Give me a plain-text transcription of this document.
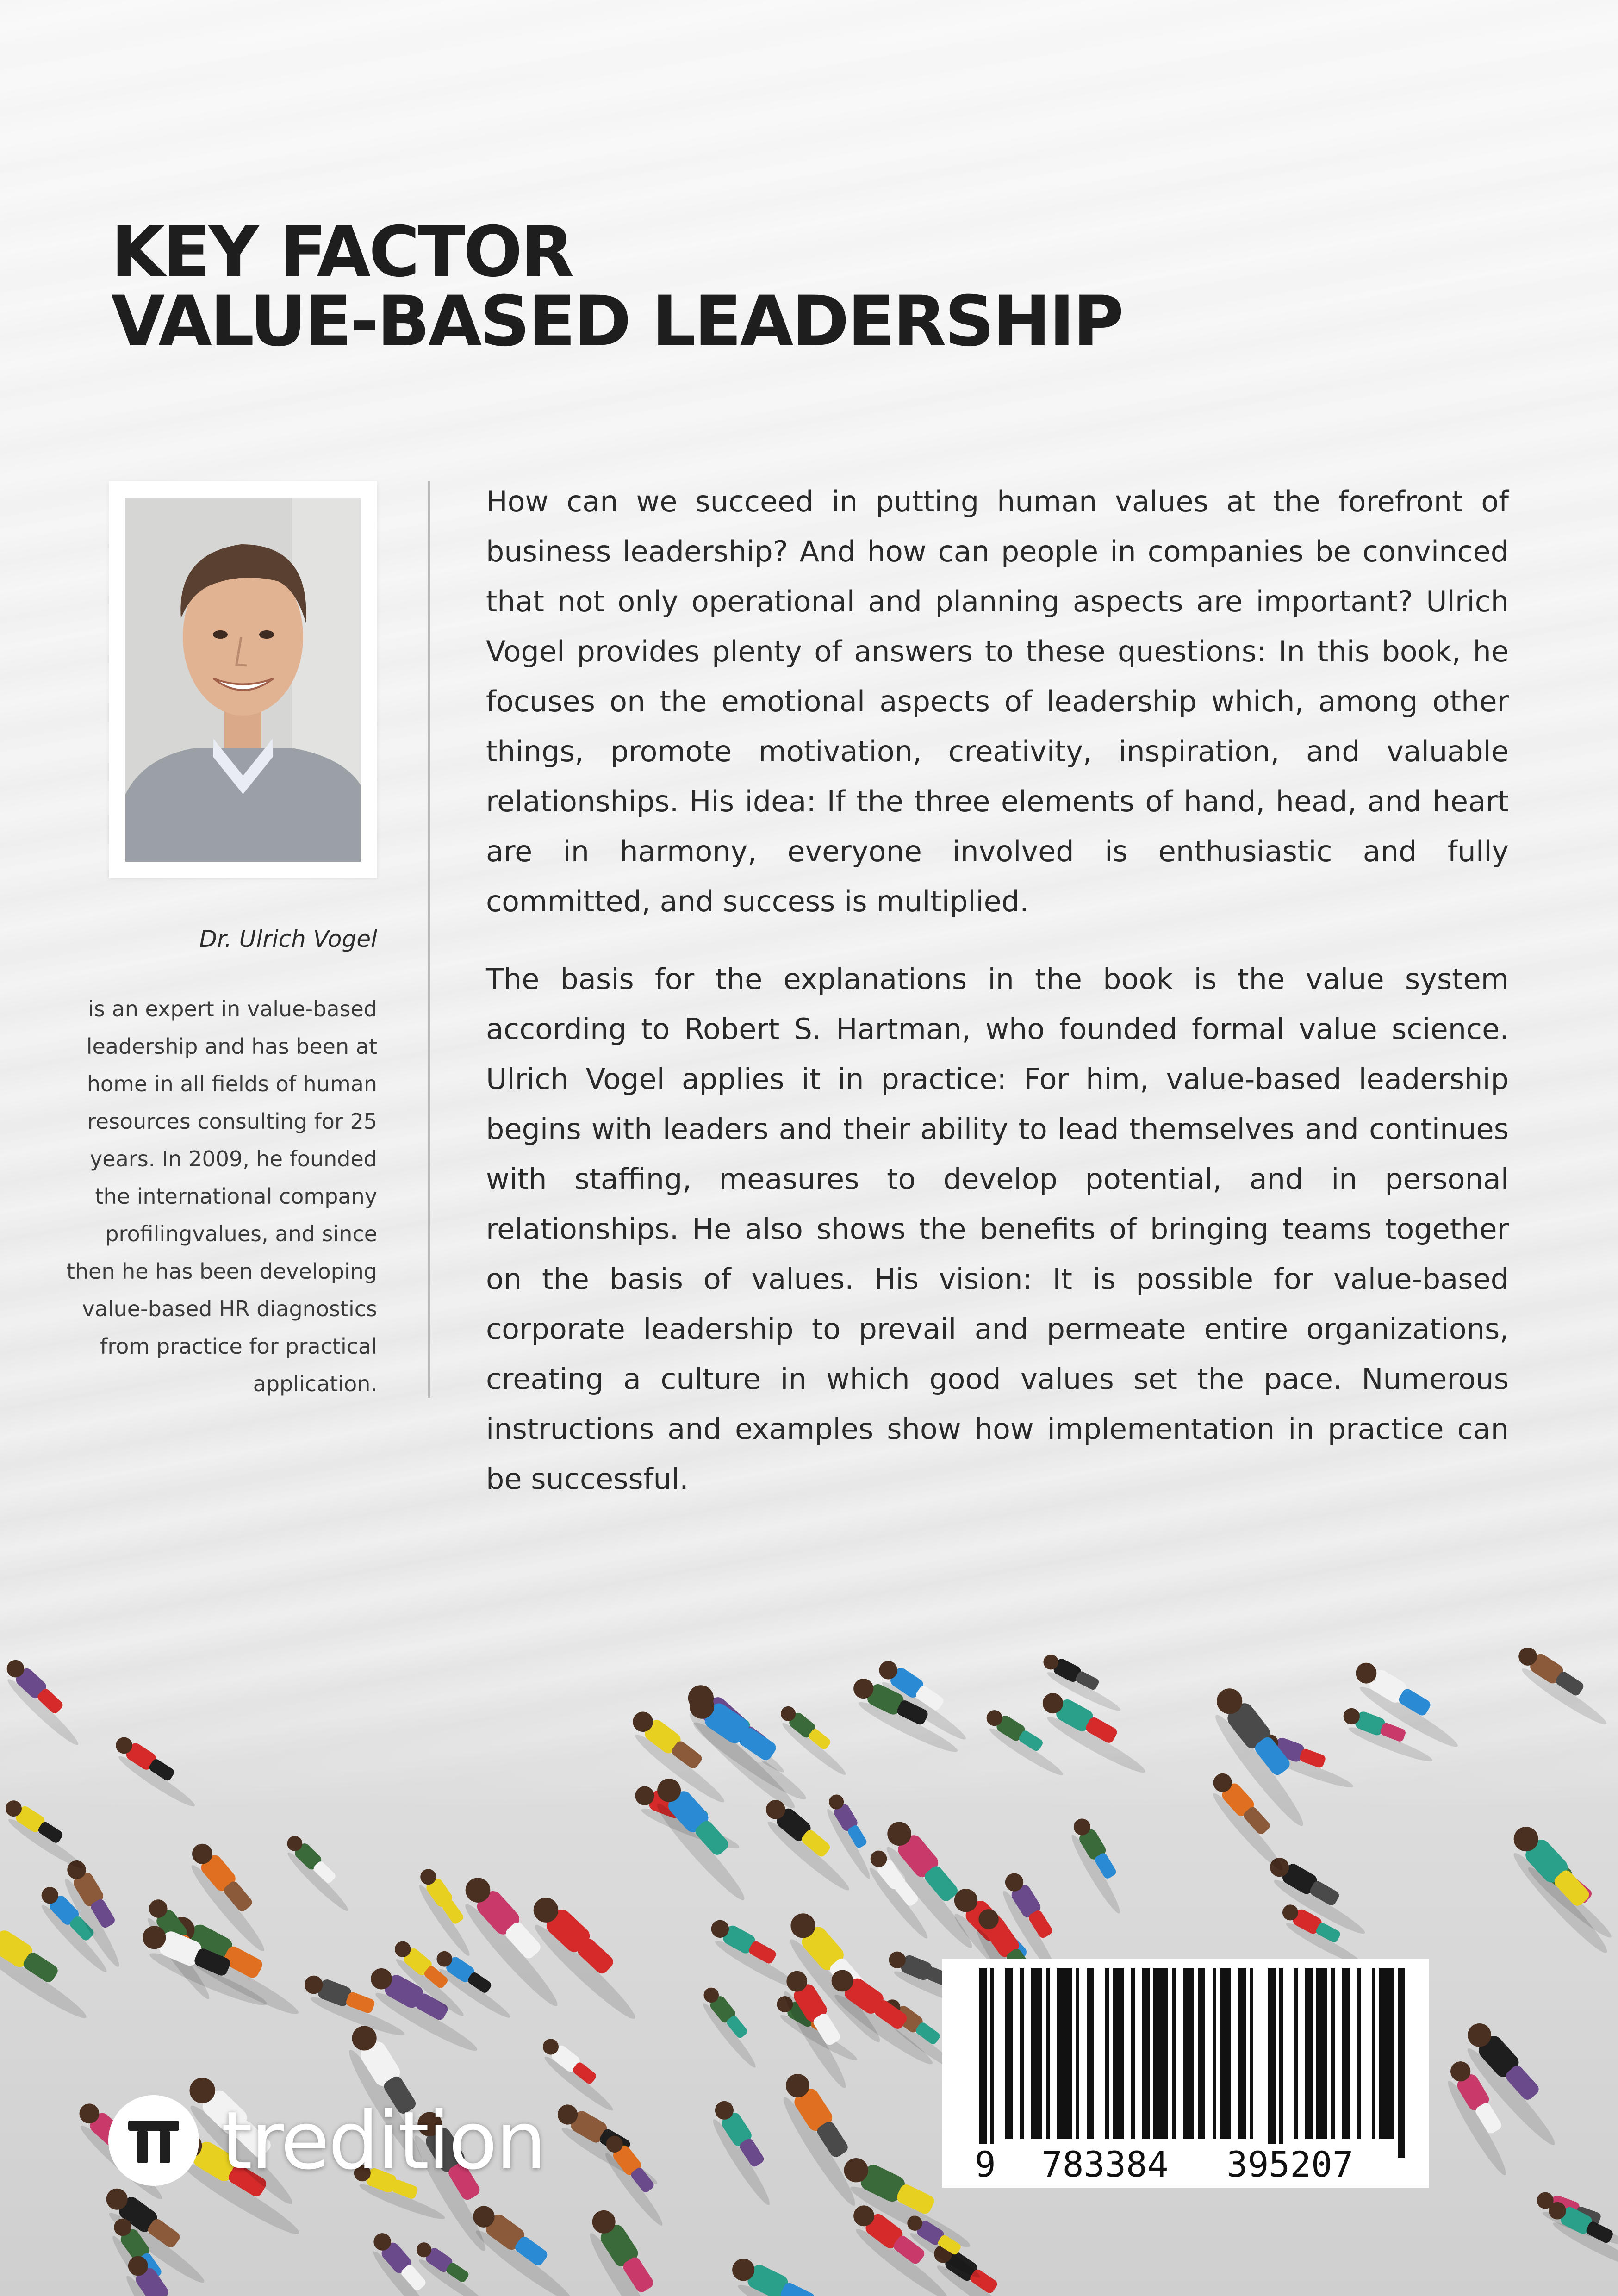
KEY FACTOR
VALUE-BASED LEADERSHIP
Dr. Ulrich Vogel
is an expert in value-based leadership and has been at home in all fields of human resources consulting for 25 years. In 2009, he founded the international company profilingvalues, and since then he has been developing value-based HR diagnostics from practice for practical application.

How can we succeed in putting human values at the forefront of business leadership? And how can people in companies be convinced that not only operational and planning aspects are important? Ulrich Vogel provides plenty of answers to these questions: In this book, he focuses on the emotional aspects of leadership which, among other things, promote motivation, creativity, inspiration, and valuable relationships. His idea: If the three elements of hand, head, and heart are in harmony, everyone involved is enthusiastic and fully committed, and success is multiplied.

The basis for the explanations in the book is the value system according to Robert S. Hartman, who founded formal value science. Ulrich Vogel applies it in practice: For him, value-based leadership begins with leaders and their ability to lead themselves and continues with staffing, measures to develop potential, and in personal relationships. He also shows the benefits of bringing teams together on the basis of values. His vision: It is possible for value-based corporate leadership to prevail and permeate entire organizations, creating a culture in which good values set the pace. Numerous instructions and examples show how implementation in practice can be successful.

tredition	9 783384 395207
